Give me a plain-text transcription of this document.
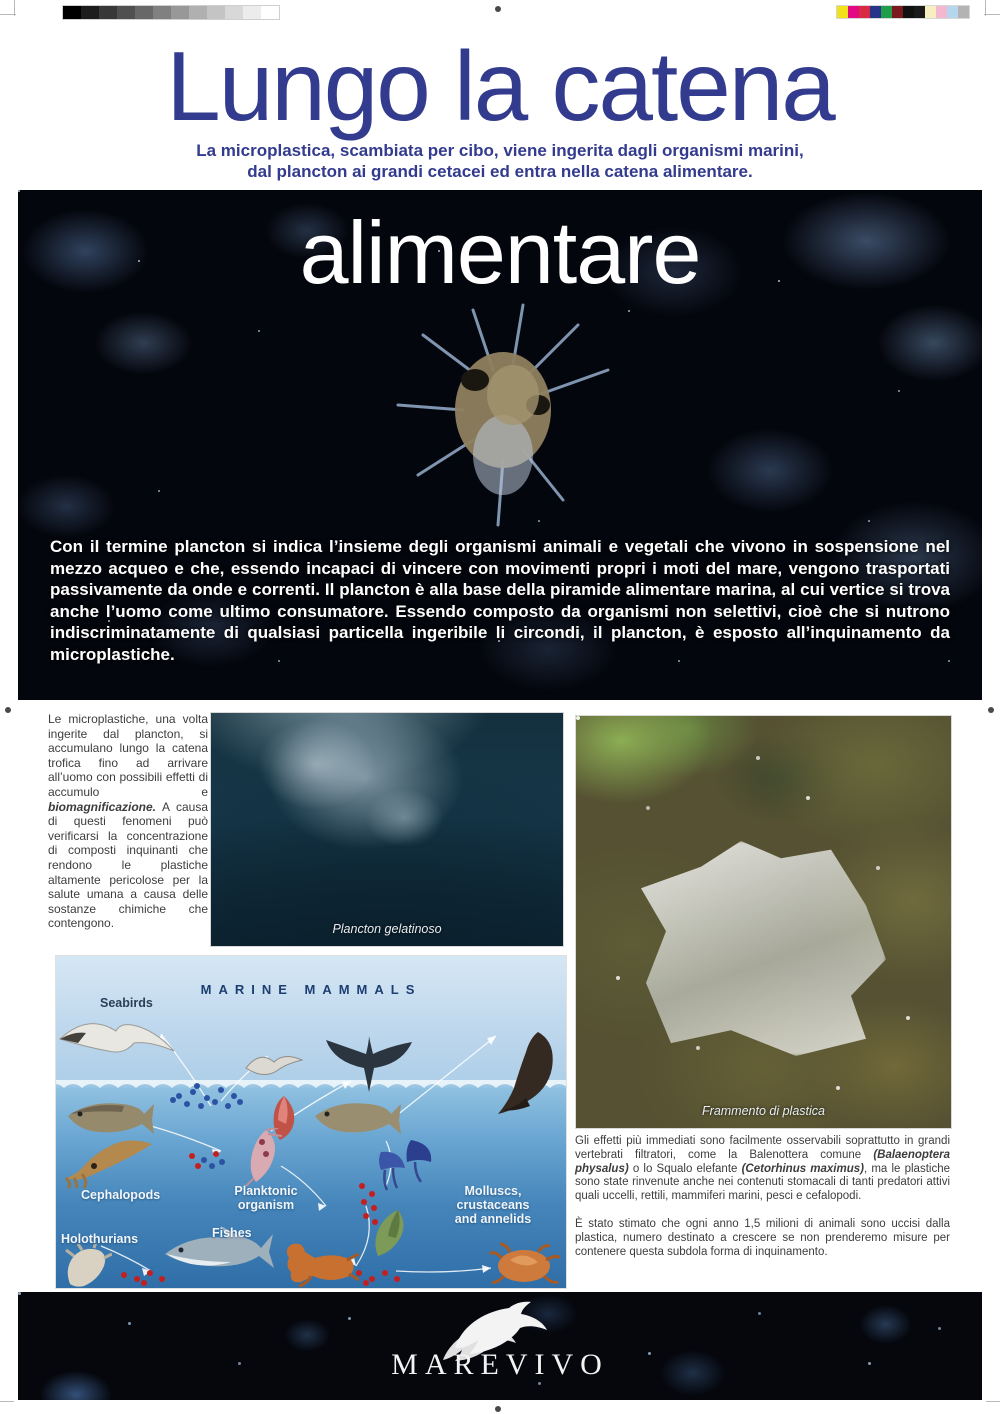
Lungo la catena
La microplastica, scambiata per cibo, viene ingerita dagli organismi marini,
dal plancton ai grandi cetacei ed entra nella catena alimentare.
alimentare
Con il termine plancton si indica l’insieme degli organismi animali e vegetali che vivono in sospensione nel mezzo acqueo e che, essendo incapaci di vincere con movimenti propri i moti del mare, vengono trasportati passivamente da onde e correnti. Il plancton è alla base della piramide alimentare marina, al cui vertice si trova anche l’uomo come ultimo consumatore. Essendo composto da organismi non selettivi, cioè che si nutrono indiscriminatamente di qualsiasi particella ingeribile li circondi, il plancton, è esposto all’inquinamento da microplastiche.
Le microplastiche, una volta ingerite dal plancton, si accumulano lungo la catena trofica fino ad arrivare all’uomo con possibili effetti di accumulo e biomagnificazione. A causa di questi fenomeni può verificarsi la concentrazione di composti inquinanti che rendono le plastiche altamente pericolose per la salute umana a causa delle sostanze chimiche che contengono.	Plancton gelatinoso
Frammento di plastica
MARINE MAMMALS
Seabirds
Cephalopods	Planktonic
organism
Molluscs, crustaceans
and annelids
Holothurians	Fishes

Gli effetti più immediati sono facilmente osservabili soprattutto in grandi vertebrati filtratori, come la Balenottera comune (Balaenoptera physalus) o lo Squalo elefante (Cetorhinus maximus), ma le plastiche sono state rinvenute anche nei contenuti stomacali di tanti predatori attivi quali uccelli, rettili, mammiferi marini, pesci e cefalopodi.

È stato stimato che ogni anno 1,5 milioni di animali sono uccisi dalla plastica, numero destinato a crescere se non prenderemo misure per contenere questa subdola forma di inquinamento.

MAREVIVO
